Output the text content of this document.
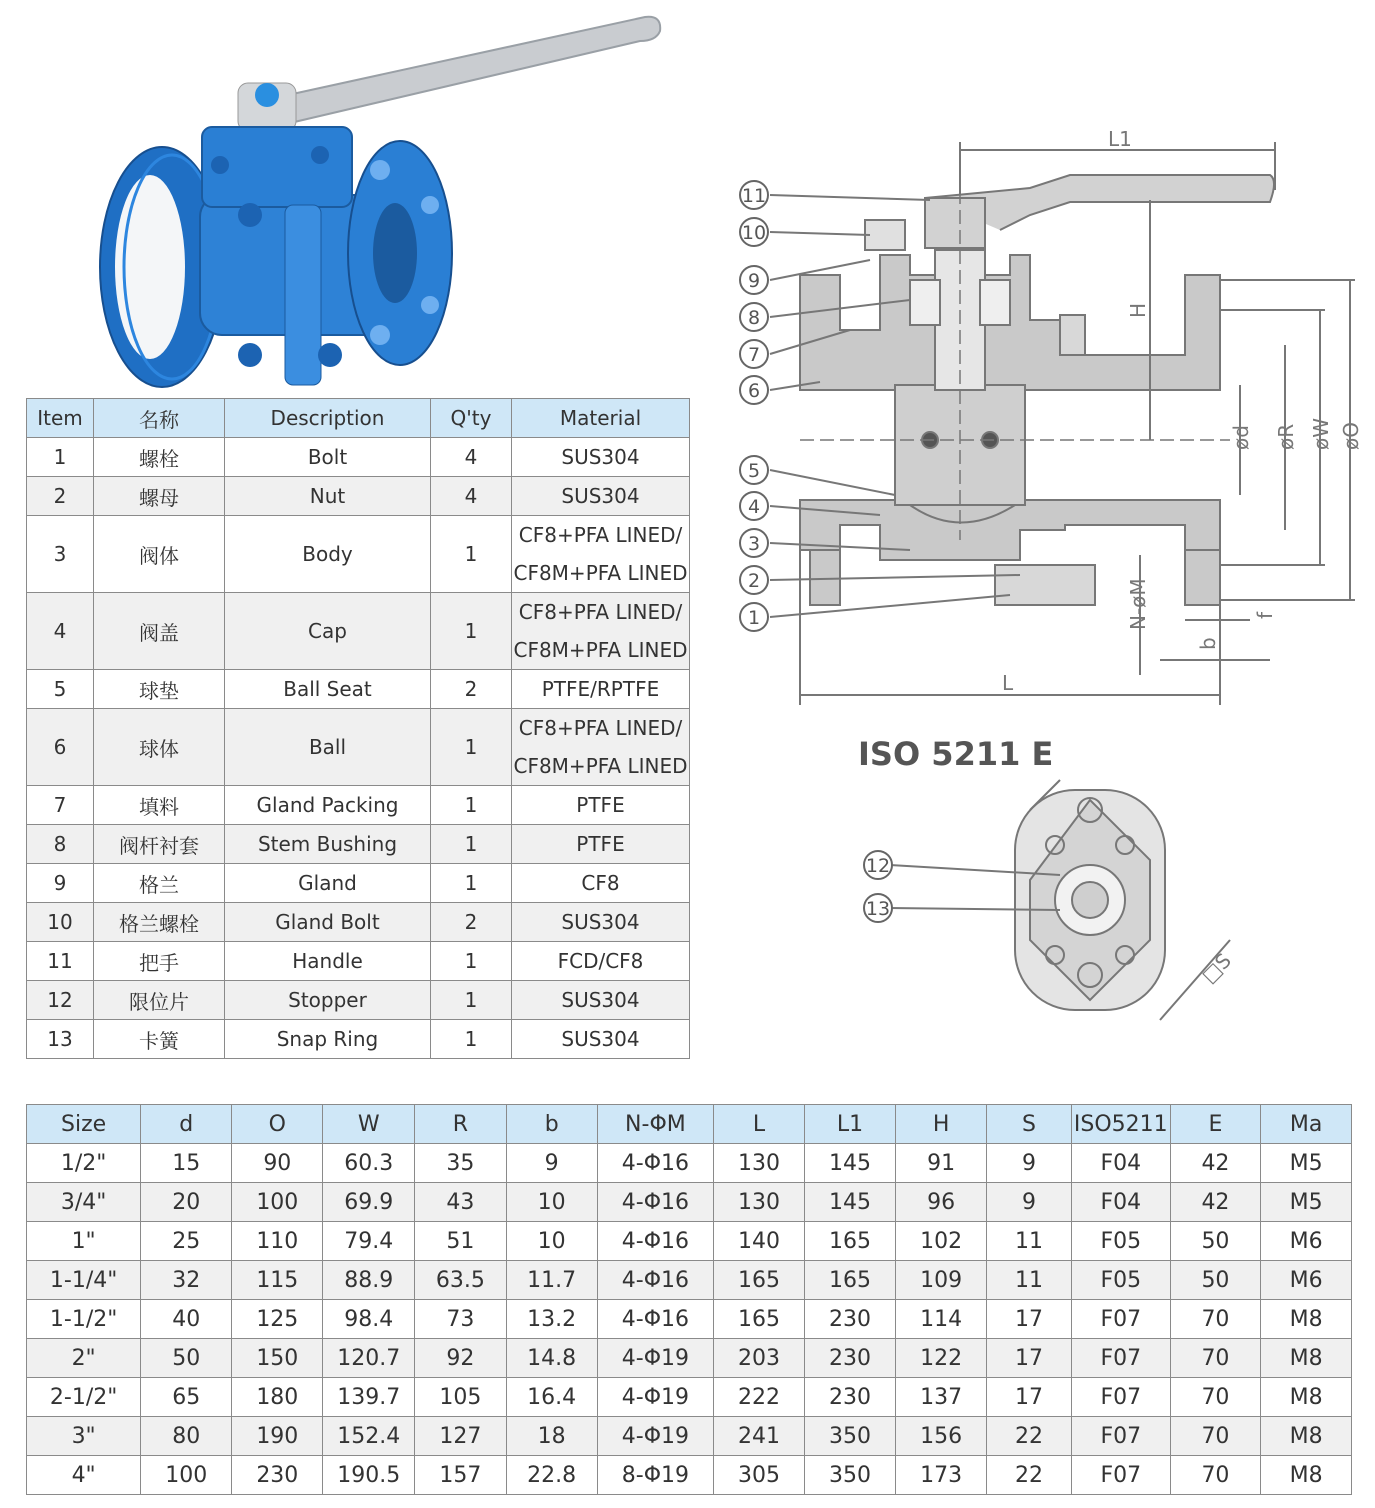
Item	名称	Description	Q'ty	Material
1	螺栓	Bolt	4	SUS304

2	螺母	Nut	4	SUS304

3	阀体	Body	1	CF8+PFA LINED/
CF8M+PFA LINED

4	阀盖	Cap	1	CF8+PFA LINED/
CF8M+PFA LINED

5	球垫	Ball Seat	2	PTFE/RPTFE

6	球体	Ball	1	CF8+PFA LINED/
CF8M+PFA LINED

7	填料	Gland Packing	1	PTFE

8	阀杆衬套	Stem Bushing	1	PTFE

9	格兰	Gland	1	CF8

10	格兰螺栓	Gland Bolt	2	SUS304

11	把手	Handle	1	FCD/CF8

12	限位片	Stopper	1	SUS304

13	卡簧	Snap Ring	1	SUS304
11
10
9
8
7
6
5
4
3
2
1
L1
H
L
ød øR øW øO
N-øM
b
f
ISO 5211 E
12
13
□S
Size	d	O	W	R	b	N-ΦM	L	L1	H	S	ISO5211	E	Ma
1/2"	15	90	60.3	35	9	4-Φ16	130	145	91	9	F04	42	M5
3/4"	20	100	69.9	43	10	4-Φ16	130	145	96	9	F04	42	M5
1"	25	110	79.4	51	10	4-Φ16	140	165	102	11	F05	50	M6
1-1/4"	32	115	88.9	63.5	11.7	4-Φ16	165	165	109	11	F05	50	M6
1-1/2"	40	125	98.4	73	13.2	4-Φ16	165	230	114	17	F07	70	M8
2"	50	150	120.7	92	14.8	4-Φ19	203	230	122	17	F07	70	M8
2-1/2"	65	180	139.7	105	16.4	4-Φ19	222	230	137	17	F07	70	M8
3"	80	190	152.4	127	18	4-Φ19	241	350	156	22	F07	70	M8
4"	100	230	190.5	157	22.8	8-Φ19	305	350	173	22	F07	70	M8
